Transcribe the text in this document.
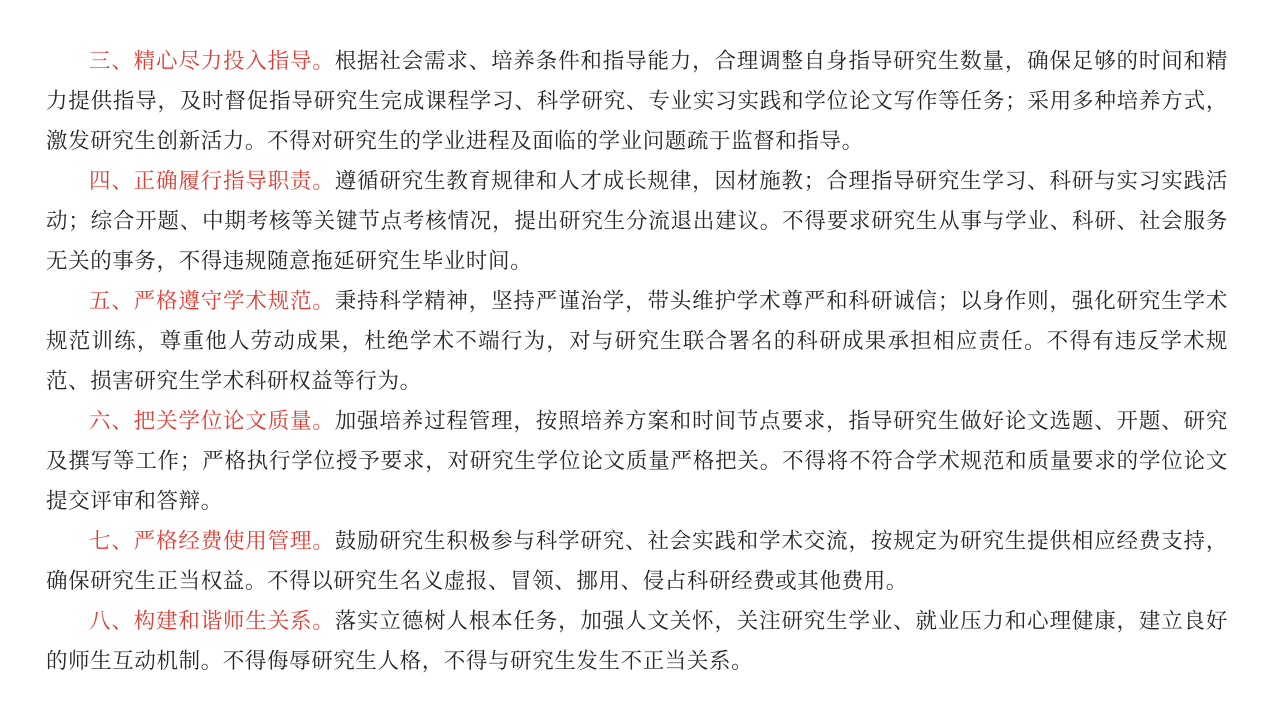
三、精心尽力投入指导。根据社会需求、培养条件和指导能力，合理调整自身指导研究生数量，确保足够的时间和精力提供指导，及时督促指导研究生完成课程学习、科学研究、专业实习实践和学位论文写作等任务；采用多种培养方式，激发研究生创新活力。不得对研究生的学业进程及面临的学业问题疏于监督和指导。

四、正确履行指导职责。遵循研究生教育规律和人才成长规律，因材施教；合理指导研究生学习、科研与实习实践活动；综合开题、中期考核等关键节点考核情况，提出研究生分流退出建议。不得要求研究生从事与学业、科研、社会服务无关的事务，不得违规随意拖延研究生毕业时间。

五、严格遵守学术规范。秉持科学精神，坚持严谨治学，带头维护学术尊严和科研诚信；以身作则，强化研究生学术规范训练，尊重他人劳动成果，杜绝学术不端行为，对与研究生联合署名的科研成果承担相应责任。不得有违反学术规范、损害研究生学术科研权益等行为。

六、把关学位论文质量。加强培养过程管理，按照培养方案和时间节点要求，指导研究生做好论文选题、开题、研究及撰写等工作；严格执行学位授予要求，对研究生学位论文质量严格把关。不得将不符合学术规范和质量要求的学位论文提交评审和答辩。

七、严格经费使用管理。鼓励研究生积极参与科学研究、社会实践和学术交流，按规定为研究生提供相应经费支持，确保研究生正当权益。不得以研究生名义虚报、冒领、挪用、侵占科研经费或其他费用。

八、构建和谐师生关系。落实立德树人根本任务，加强人文关怀，关注研究生学业、就业压力和心理健康，建立良好的师生互动机制。不得侮辱研究生人格，不得与研究生发生不正当关系。
